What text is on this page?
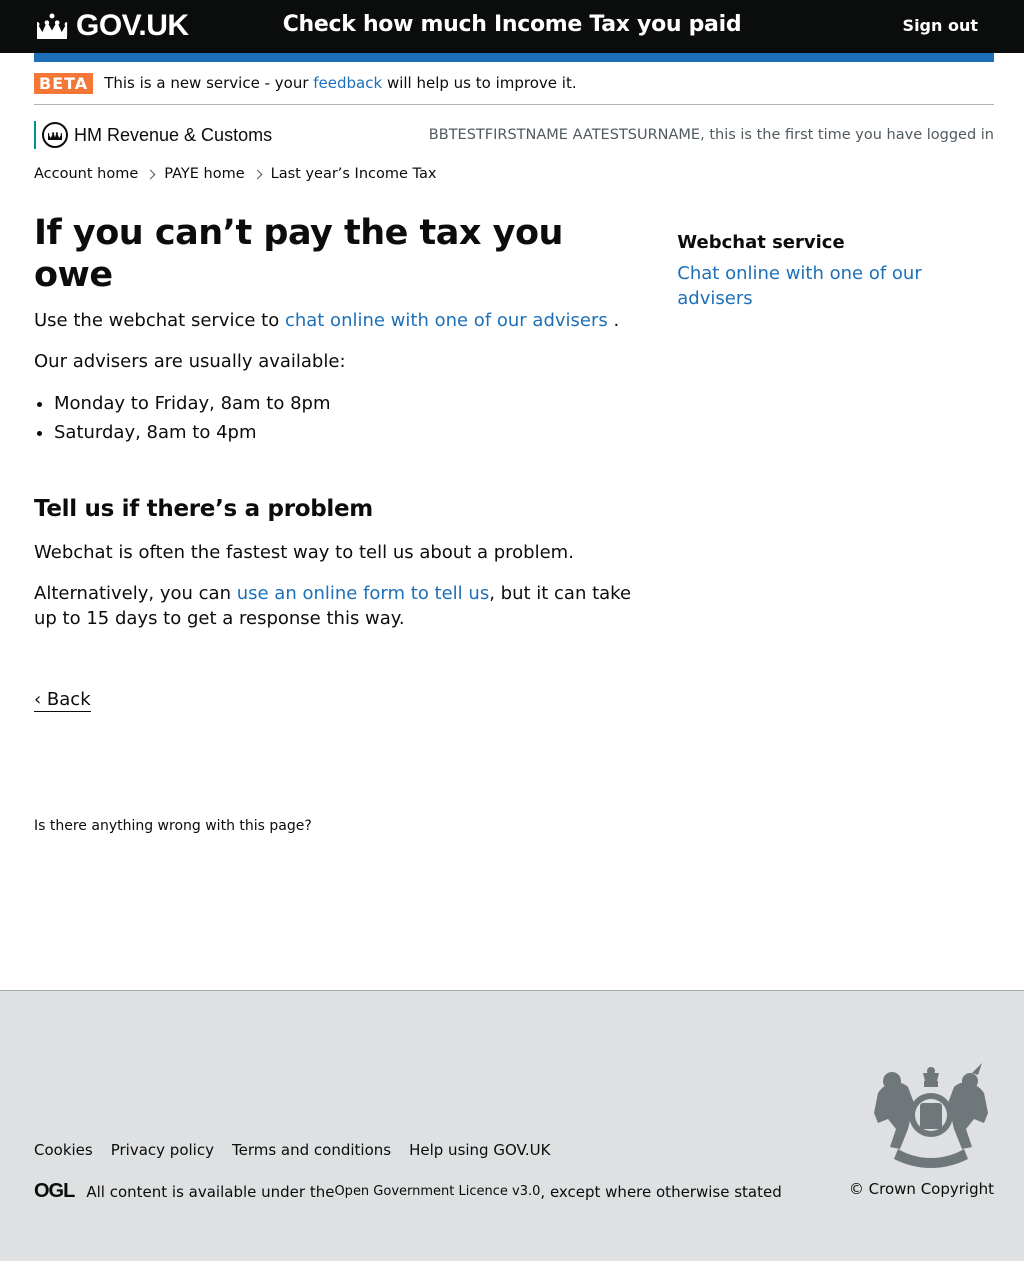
GOV.UK	Check how much Income Tax you paid	Sign out
BETA	This is a new service - your feedback will help us to improve it.
HM Revenue & Customs	BBTESTFIRSTNAME AATESTSURNAME, this is the first time you have logged in
Account home PAYE home Last year’s Income Tax
If you can’t pay the tax you owe

Use the webchat service to chat online with one of our advisers .

Our advisers are usually available:

• Monday to Friday, 8am to 8pm
• Saturday, 8am to 4pm
Tell us if there’s a problem

Webchat is often the fastest way to tell us about a problem.

Alternatively, you can use an online form to tell us, but it can take up to 15 days to get a response this way.

‹ Back
Webchat service
Chat online with one of our advisers
Is there anything wrong with this page?
Cookies Privacy policy Terms and conditions Help using GOV.UK
OGL All content is available under the Open Government Licence v3.0 , except where otherwise stated	© Crown Copyright
